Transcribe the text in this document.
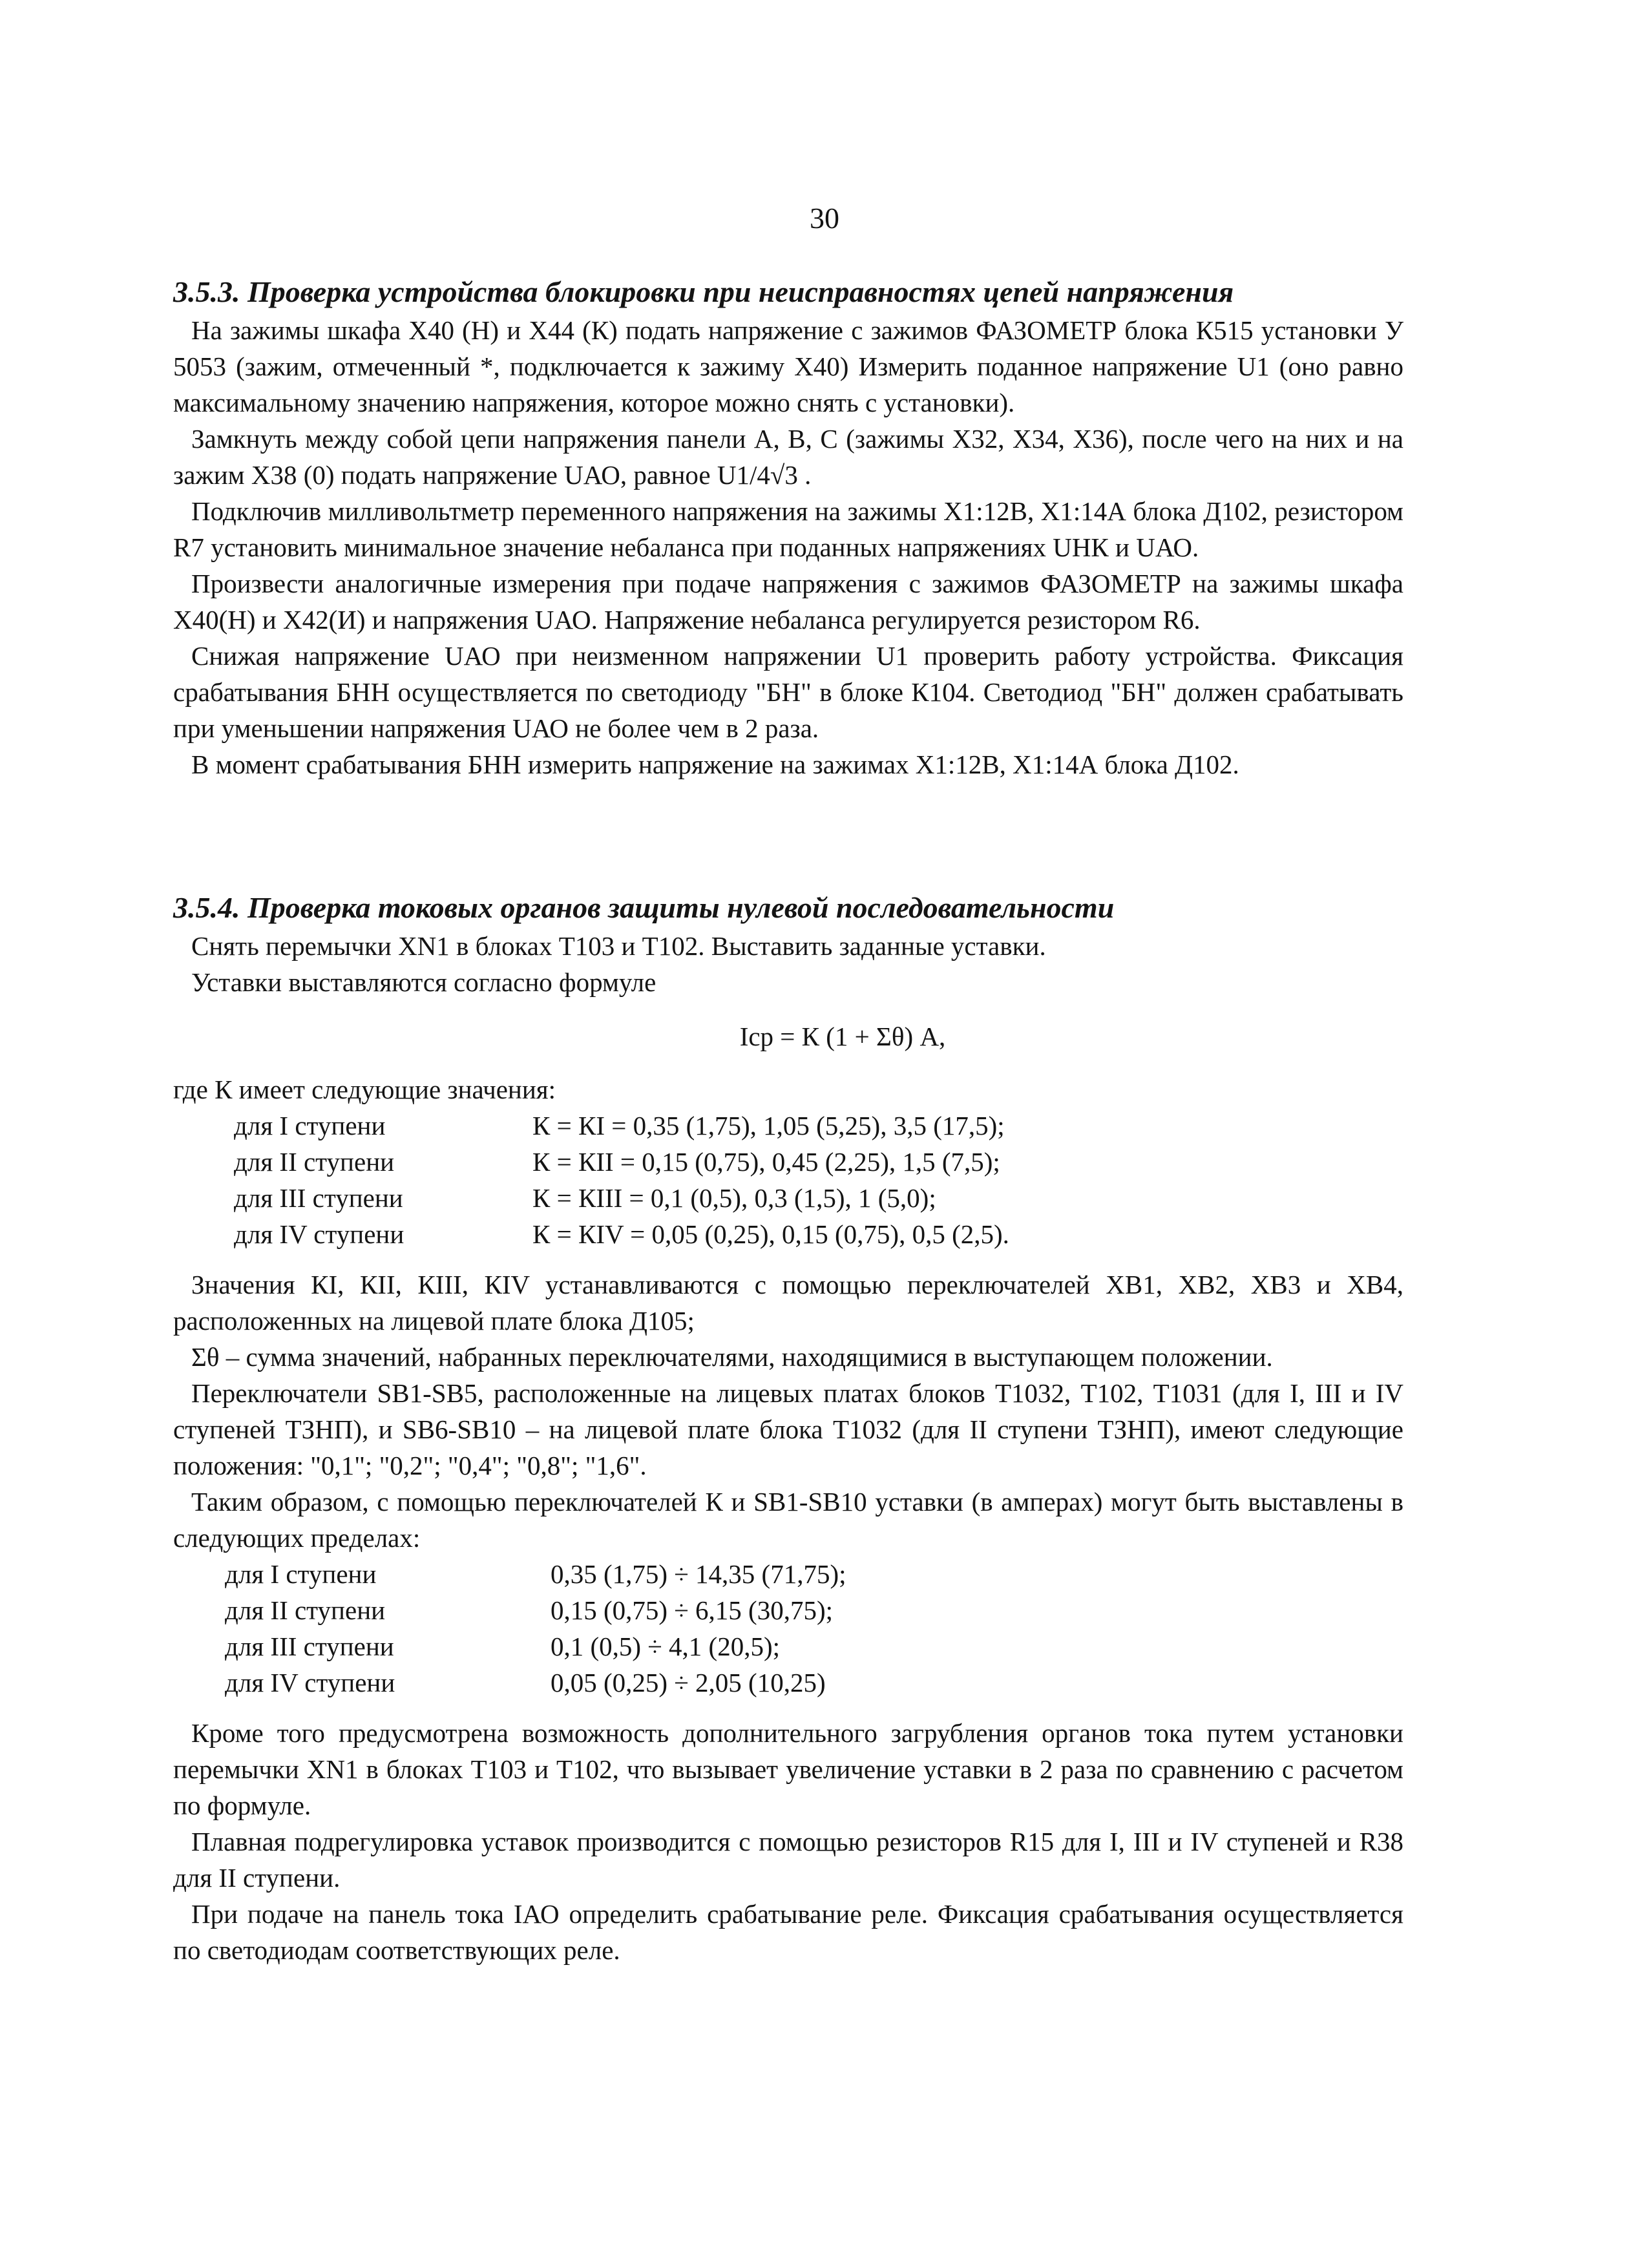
30

3.5.3. Проверка устройства блокировки при неисправностях цепей напряжения

На зажимы шкафа X40 (Н) и X44 (К) подать напряжение с зажимов ФАЗОМЕТР блока К515 установки У 5053 (зажим, отмеченный *, подключается к зажиму X40) Измерить поданное напряжение U1 (оно равно максимальному значению напряжения, которое можно снять с установки).

Замкнуть между собой цепи напряжения панели А, В, С (зажимы X32, X34, X36), после чего на них и на зажим X38 (0) подать напряжение UАО, равное U1/4√3 .

Подключив милливольтметр переменного напряжения на зажимы Х1:12В, Х1:14А блока Д102, резистором R7 установить минимальное значение небаланса при поданных напряжениях UНК и UАО.

Произвести аналогичные измерения при подаче напряжения с зажимов ФАЗОМЕТР на зажимы шкафа Х40(Н) и Х42(И) и напряжения UАО. Напряжение небаланса регулируется резистором R6.

Снижая напряжение UАО при неизменном напряжении U1 проверить работу устройства. Фиксация срабатывания БНН осуществляется по светодиоду "БН" в блоке К104. Светодиод "БН" должен срабатывать при уменьшении напряжения UАО не более чем в 2 раза.

В момент срабатывания БНН измерить напряжение на зажимах Х1:12В, Х1:14А блока Д102.

3.5.4. Проверка токовых органов защиты нулевой последовательности

Снять перемычки XN1 в блоках Т103 и Т102. Выставить заданные уставки.

Уставки выставляются согласно формуле

Iср = К (1 + Σθ) А,

где К имеет следующие значения:

для I ступени	К = КI = 0,35 (1,75), 1,05 (5,25), 3,5 (17,5);
для II ступени	К = КII = 0,15 (0,75), 0,45 (2,25), 1,5 (7,5);
для III ступени	К = КIII = 0,1 (0,5), 0,3 (1,5), 1 (5,0);
для IV ступени	К = КIV = 0,05 (0,25), 0,15 (0,75), 0,5 (2,5).

Значения КI, КII, КIII, КIV устанавливаются с помощью переключателей ХВ1, ХВ2, ХВ3 и ХВ4, расположенных на лицевой плате блока Д105;

Σθ – сумма значений, набранных переключателями, находящимися в выступающем положении.

Переключатели SB1-SB5, расположенные на лицевых платах блоков Т1032, Т102, Т1031 (для I, III и IV ступеней ТЗНП), и SB6-SB10 – на лицевой плате блока Т1032 (для II ступени ТЗНП), имеют следующие положения: "0,1"; "0,2"; "0,4"; "0,8"; "1,6".

Таким образом, с помощью переключателей К и SB1-SB10 уставки (в амперах) могут быть выставлены в следующих пределах:

для I ступени	0,35 (1,75) ÷ 14,35 (71,75);
для II ступени	0,15 (0,75) ÷ 6,15 (30,75);
для III ступени	0,1 (0,5) ÷ 4,1 (20,5);
для IV ступени	0,05 (0,25) ÷ 2,05 (10,25)

Кроме того предусмотрена возможность дополнительного загрубления органов тока путем установки перемычки XN1 в блоках Т103 и Т102, что вызывает увеличение уставки в 2 раза по сравнению с расчетом по формуле.

Плавная подрегулировка уставок производится с помощью резисторов R15 для I, III и IV ступеней и R38 для II ступени.

При подаче на панель тока IАО определить срабатывание реле. Фиксация срабатывания осуществляется по светодиодам соответствующих реле.
